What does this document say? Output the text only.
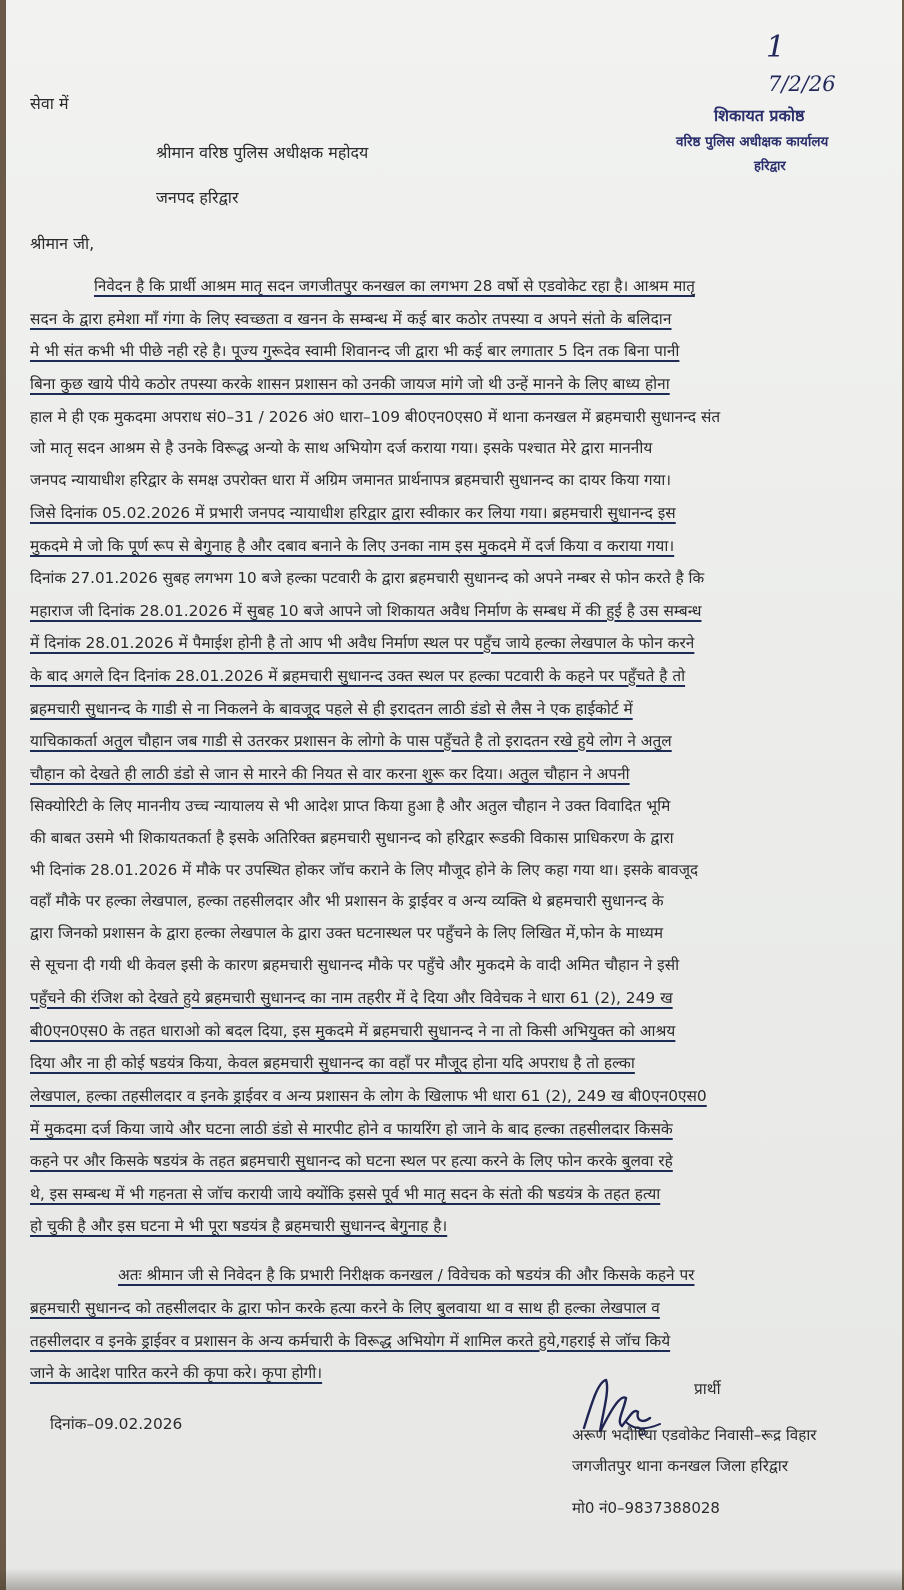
सेवा में
श्रीमान वरिष्ठ पुलिस अधीक्षक महोदय
जनपद हरिद्वार
श्रीमान जी,
1
7/2/26
शिकायत प्रकोष्ठ
वरिष्ठ पुलिस अधीक्षक कार्यालय
हरिद्वार
निवेदन है कि प्रार्थी आश्रम मातृ सदन जगजीतपुर कनखल का लगभग 28 वर्षो से एडवोकेट रहा है। आश्रम मातृ
सदन के द्वारा हमेशा माँ गंगा के लिए स्वच्छता व खनन के सम्बन्ध में कई बार कठोर तपस्या व अपने संतो के बलिदान
मे भी संत कभी भी पीछे नही रहे है। पूज्य गुरूदेव स्वामी शिवानन्द जी द्वारा भी कई बार लगातार 5 दिन तक बिना पानी
बिना कुछ खाये पीये कठोर तपस्या करके शासन प्रशासन को उनकी जायज मांगे जो थी उन्हें मानने के लिए बाध्य होना
हाल मे ही एक मुकदमा अपराध सं0–31 / 2026 अं0 धारा–109 बी0एन0एस0 में थाना कनखल में ब्रहमचारी सुधानन्द संत
जो मातृ सदन आश्रम से है उनके विरूद्ध अन्यो के साथ अभियोग दर्ज कराया गया। इसके पश्चात मेरे द्वारा माननीय
जनपद न्यायाधीश हरिद्वार के समक्ष उपरोक्त धारा में अग्रिम जमानत प्रार्थनापत्र ब्रहमचारी सुधानन्द का दायर किया गया।
जिसे दिनांक 05.02.2026 में प्रभारी जनपद न्यायाधीश हरिद्वार द्वारा स्वीकार कर लिया गया। ब्रहमचारी सुधानन्द इस
मुकदमे मे जो कि पूर्ण रूप से बेगुनाह है और दबाव बनाने के लिए उनका नाम इस मुकदमे में दर्ज किया व कराया गया।
दिनांक 27.01.2026 सुबह लगभग 10 बजे हल्का पटवारी के द्वारा ब्रहमचारी सुधानन्द को अपने नम्बर से फोन करते है कि
महाराज जी दिनांक 28.01.2026 में सुबह 10 बजे आपने जो शिकायत अवैध निर्माण के सम्बध में की हुई है उस सम्बन्ध
में दिनांक 28.01.2026 में पैमाईश होनी है तो आप भी अवैध निर्माण स्थल पर पहुँच जाये हल्का लेखपाल के फोन करने
के बाद अगले दिन दिनांक 28.01.2026 में ब्रहमचारी सुधानन्द उक्त स्थल पर हल्का पटवारी के कहने पर पहुँचते है तो
ब्रहमचारी सुधानन्द के गाडी से ना निकलने के बावजूद पहले से ही इरादतन लाठी डंडो से लैस ने एक हाईकोर्ट में
याचिकाकर्ता अतुल चौहान जब गाडी से उतरकर प्रशासन के लोगो के पास पहुँचते है तो इरादतन रखे हुये लोग ने अतुल
चौहान को देखते ही लाठी डंडो से जान से मारने की नियत से वार करना शुरू कर दिया। अतुल चौहान ने अपनी
सिक्योरिटी के लिए माननीय उच्च न्यायालय से भी आदेश प्राप्त किया हुआ है और अतुल चौहान ने उक्त विवादित भूमि
की बाबत उसमे भी शिकायतकर्ता है इसके अतिरिक्त ब्रहमचारी सुधानन्द को हरिद्वार रूडकी विकास प्राधिकरण के द्वारा
भी दिनांक 28.01.2026 में मौके पर उपस्थित होकर जॉच कराने के लिए मौजूद होने के लिए कहा गया था। इसके बावजूद
वहाँ मौके पर हल्का लेखपाल, हल्का तहसीलदार और भी प्रशासन के ड्राईवर व अन्य व्यक्ति थे ब्रहमचारी सुधानन्द के
द्वारा जिनको प्रशासन के द्वारा हल्का लेखपाल के द्वारा उक्त घटनास्थल पर पहुँचने के लिए लिखित में,फोन के माध्यम
से सूचना दी गयी थी केवल इसी के कारण ब्रहमचारी सुधानन्द मौके पर पहुँचे और मुकदमे के वादी अमित चौहान ने इसी
पहुँचने की रंजिश को देखते हुये ब्रहमचारी सुधानन्द का नाम तहरीर में दे दिया और विवेचक ने धारा 61 (2), 249 ख
बी0एन0एस0 के तहत धाराओ को बदल दिया, इस मुकदमे में ब्रहमचारी सुधानन्द ने ना तो किसी अभियुक्त को आश्रय
दिया और ना ही कोई षडयंत्र किया, केवल ब्रहमचारी सुधानन्द का वहाँ पर मौजूद होना यदि अपराध है तो हल्का
लेखपाल, हल्का तहसीलदार व इनके ड्राईवर व अन्य प्रशासन के लोग के खिलाफ भी धारा 61 (2), 249 ख बी0एन0एस0
में मुकदमा दर्ज किया जाये और घटना लाठी डंडो से मारपीट होने व फायरिंग हो जाने के बाद हल्का तहसीलदार किसके
कहने पर और किसके षडयंत्र के तहत ब्रहमचारी सुधानन्द को घटना स्थल पर हत्या करने के लिए फोन करके बुलवा रहे
थे, इस सम्बन्ध में भी गहनता से जॉच करायी जाये क्योंकि इससे पूर्व भी मातृ सदन के संतो की षडयंत्र के तहत हत्या
हो चुकी है और इस घटना मे भी पूरा षडयंत्र है ब्रहमचारी सुधानन्द बेगुनाह है।
अतः श्रीमान जी से निवेदन है कि प्रभारी निरीक्षक कनखल / विवेचक को षडयंत्र की और किसके कहने पर
ब्रहमचारी सुधानन्द को तहसीलदार के द्वारा फोन करके हत्या करने के लिए बुलवाया था व साथ ही हल्का लेखपाल व
तहसीलदार व इनके ड्राईवर व प्रशासन के अन्य कर्मचारी के विरूद्ध अभियोग में शामिल करते हुये,गहराई से जॉच किये
जाने के आदेश पारित करने की कृपा करे। कृपा होगी।
दिनांक–09.02.2026
प्रार्थी
अरूण भदौरिया एडवोकेट निवासी–रूद्र विहार
जगजीतपुर थाना कनखल जिला हरिद्वार
मो0 नं0–9837388028
